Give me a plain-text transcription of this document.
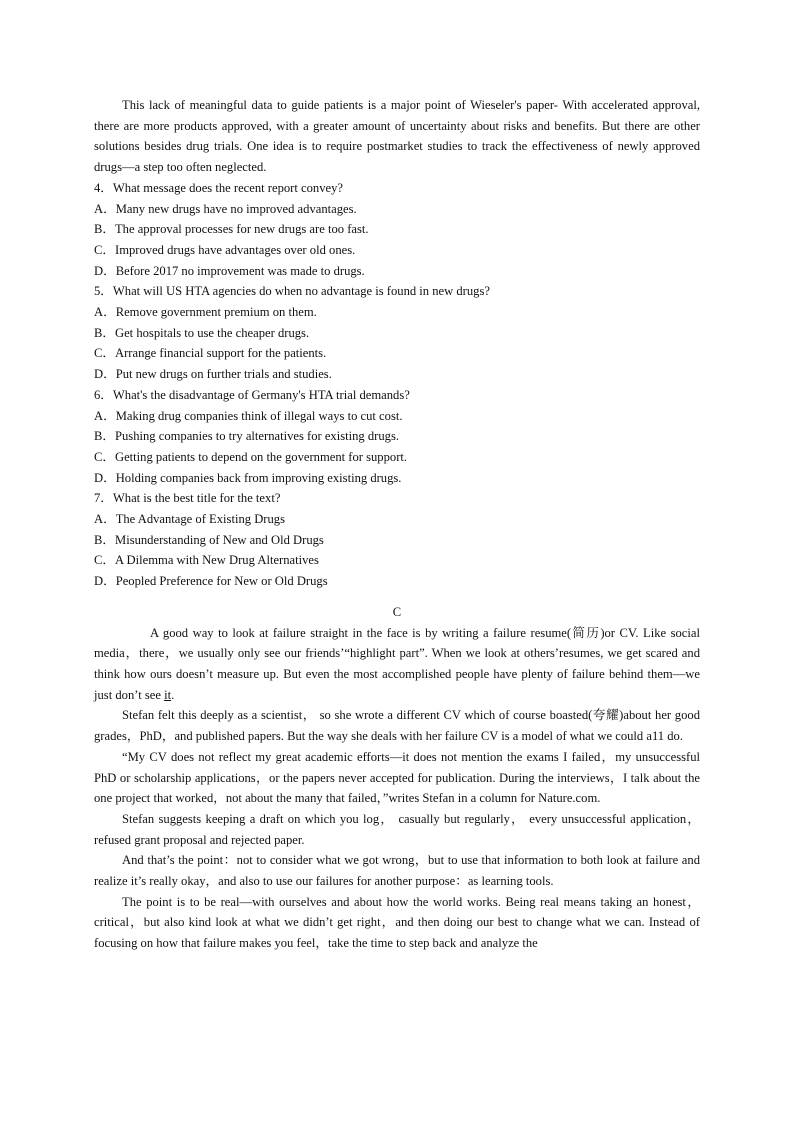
This lack of meaningful data to guide patients is a major point of Wieseler's paper- With accelerated approval, there are more products approved, with a greater amount of uncertainty about risks and benefits. But there are other solutions besides drug trials. One idea is to require postmarket studies to track the effectiveness of newly approved drugs—a step too often neglected.

4．What message does the recent report convey?

A．Many new drugs have no improved advantages.

B．The approval processes for new drugs are too fast.

C．Improved drugs have advantages over old ones.

D．Before 2017 no improvement was made to drugs.

5．What will US HTA agencies do when no advantage is found in new drugs?

A．Remove government premium on them.

B．Get hospitals to use the cheaper drugs.

C．Arrange financial support for the patients.

D．Put new drugs on further trials and studies.

6．What's the disadvantage of Germany's HTA trial demands?

A．Making drug companies think of illegal ways to cut cost.

B．Pushing companies to try alternatives for existing drugs.

C．Getting patients to depend on the government for support.

D．Holding companies back from improving existing drugs.

7．What is the best title for the text?

A．The Advantage of Existing Drugs

B．Misunderstanding of New and Old Drugs

C．A Dilemma with New Drug Alternatives

D．Peopled Preference for New or Old Drugs

C

A good way to look at failure straight in the face is by writing a failure resume(简历)or CV. Like social media，there，we usually only see our friends’“highlight part”. When we look at others’resumes, we get scared and think how ours doesn’t measure up. But even the most accomplished people have plenty of failure behind them—we just don’t see it.

Stefan felt this deeply as a scientist， so she wrote a different CV which of course boasted(夸耀)about her good grades，PhD，and published papers. But the way she deals with her failure CV is a model of what we could a11 do.

“My CV does not reflect my great academic efforts—it does not mention the exams I failed，my unsuccessful PhD or scholarship applications，or the papers never accepted for publication. During the interviews，I talk about the one project that worked，not about the many that failed，”writes Stefan in a column for Nature.com.

Stefan suggests keeping a draft on which you log， casually but regularly， every unsuccessful application，refused grant proposal and rejected paper.

And that’s the point：not to consider what we got wrong，but to use that information to both look at failure and realize it’s really okay，and also to use our failures for another purpose：as learning tools.

The point is to be real—with ourselves and about how the world works. Being real means taking an honest，critical，but also kind look at what we didn’t get right，and then doing our best to change what we can. Instead of focusing on how that failure makes you feel，take the time to step back and analyze the
